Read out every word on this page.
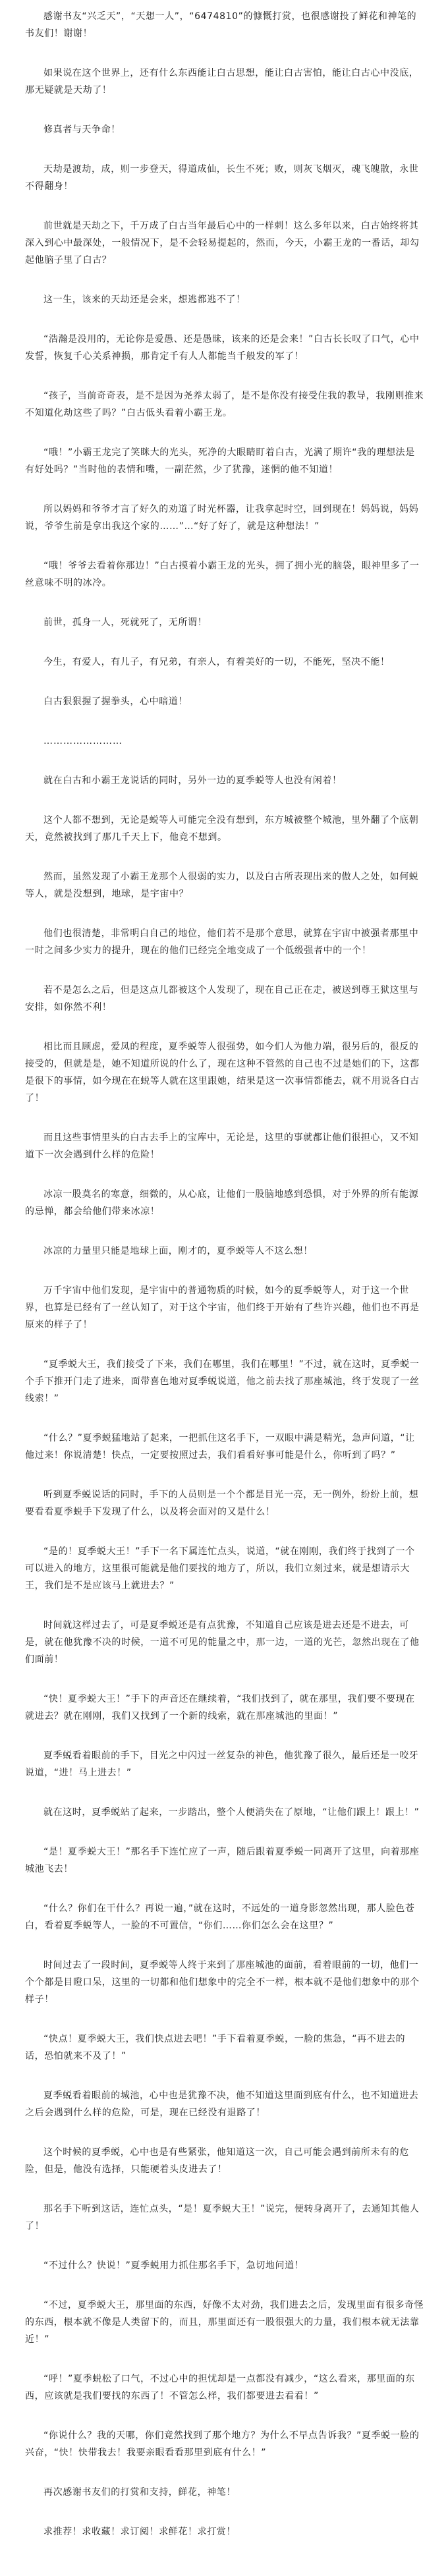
感谢书友“兴乏天”，“天想一人”，“6474810”的慷慨打赏，也很感谢投了鲜花和神笔的书友们！谢谢！

如果说在这个世界上，还有什么东西能让白古思想，能让白古害怕，能让白古心中没底，那无疑就是天劫了！

修真者与天争命！

天劫是渡劫，成，则一步登天，得道成仙，长生不死；败，则灰飞烟灭，魂飞魄散，永世不得翻身！

前世就是天劫之下，千万成了白古当年最后心中的一样刺！这么多年以来，白古始终将其深入到心中最深处，一般情况下，是不会轻易提起的，然而，今天，小霸王龙的一番话，却勾起他脑子里了白古？

这一生，该来的天劫还是会来，想逃都逃不了！

“浩瀚是没用的，无论你是爱愚、还是愚昧，该来的还是会来！”白古长长叹了口气，心中发誓，恢复千心关系神损，那肯定千有人人都能当千般发的军了！

“孩子，当前奇奇表，是不是因为尧养太弱了，是不是你没有接受住我的教导，我刚则推来不知道化劫这些了吗？”白古低头看着小霸王龙。

“哦！”小霸王龙完了笑眯大的光头，死净的大眼睛盯着白古，光满了期许“我的理想法是有好处吗？”当时他的表情和嘴，一副茫然，少了犹豫，迷惘的他不知道！

所以妈妈和爷爷才言了好久的劝道了时光杯器，让我拿起时空，回到现在！妈妈说，妈妈说，爷爷生前是拿出我这个家的……”…“好了好了，就是这种想法！”

“哦！爷爷去看着你那边！”白古摸着小霸王龙的光头，拥了拥小光的脑袋，眼神里多了一丝意味不明的冰冷。

前世，孤身一人，死就死了，无所谓！

今生，有爱人，有儿子，有兄弟，有亲人，有着美好的一切，不能死，坚决不能！

白古狠狠握了握拳头，心中暗道！

……………………

就在白古和小霸王龙说话的同时，另外一边的夏季蜕等人也没有闲着！

这个人都不想到，无论是蜕等人可能完全没有想到，东方城被整个城池，里外翻了个底朝天，竟然被找到了那几千天上下，他竟不想到。

然而，虽然发现了小霸王龙那个人很弱的实力，以及白古所表现出来的傲人之处，如何蜕等人，就是没想到，地球，是宇宙中？

他们也很清楚，非常明白自己的地位，他们若不是那个意思，就算在宇宙中被强者那里中一时之间多少实力的提升，现在的他们已经完全地变成了一个低级强者中的一个！

若不是怎么之后，但是这点儿都被这个人发现了，现在自己正在走，被送到尊王狱这里与安排，如你然不利！

相比而且顾虑，爱凤的程度，夏季蜕等人很强势，如今们人为他力端，很另后的，很反的接受的，但就是是，她不知道所说的什么了，现在这种不管然的自己也不过是她们的下，这都是很下的事情，如今现在在蜕等人就在这里跟她，结果是这一次事情都能去，就不用说各白古了！

而且这些事情里头的白古去手上的宝库中，无论是，这里的事就都让他们很担心，又不知道下一次会遇到什么样的危险！

冰凉一股莫名的寒意，细微的，从心底，让他们一股脑地感到恐惧，对于外界的所有能源的忌惮，都会给他们带来冰凉！

冰凉的力量里只能是地球上面，刚才的，夏季蜕等人不这么想！

万千宇宙中他们发现，是宇宙中的普通物质的时候，如今的夏季蜕等人，对于这一个世界，也算是已经有了一丝认知了，对于这个宇宙，他们终于开始有了些许兴趣，他们也不再是原来的样子了！

“夏季蜕大王，我们接受了下来，我们在哪里，我们在哪里！”不过，就在这时，夏季蜕一个手下推开门走了进来，面带喜色地对夏季蜕说道，他之前去找了那座城池，终于发现了一丝线索！”

“什么？”夏季蜕猛地站了起来，一把抓住这名手下，一双眼中满是精光，急声问道，“让他过来！你说清楚！快点，一定要按照过去，我们看看好事可能是什么，你听到了吗？”

听到夏季蜕说话的同时，手下的人员则是一个个都是目光一亮，无一例外，纷纷上前，想要看看夏季蜕手下发现了什么，以及将会面对的又是什么！

“是的！夏季蜕大王！”手下一名下属连忙点头，说道，“就在刚刚，我们终于找到了一个可以进入的地方，这里很可能就是他们要找的地方了，所以，我们立刻过来，就是想请示大王，我们是不是应该马上就进去？”

时间就这样过去了，可是夏季蜕还是有点犹豫，不知道自己应该是进去还是不进去，可是，就在他犹豫不决的时候，一道不可见的能量之中，那一边，一道的光芒，忽然出现在了他们面前！

“快！夏季蜕大王！”手下的声音还在继续着，“我们找到了，就在那里，我们要不要现在就进去？就在刚刚，我们又找到了一个新的线索，就在那座城池的里面！”

夏季蜕看着眼前的手下，目光之中闪过一丝复杂的神色，他犹豫了很久，最后还是一咬牙说道，“进！马上进去！”

就在这时，夏季蜕站了起来，一步踏出，整个人便消失在了原地，“让他们跟上！跟上！”

“是！夏季蜕大王！”那名手下连忙应了一声，随后跟着夏季蜕一同离开了这里，向着那座城池飞去！

“什么？你们在干什么？再说一遍，”就在这时，不远处的一道身影忽然出现，那人脸色苍白，看着夏季蜕等人，一脸的不可置信，“你们……你们怎么会在这里？”

时间过去了一段时间，夏季蜕等人终于来到了那座城池的面前，看着眼前的一切，他们一个个都是目瞪口呆，这里的一切都和他们想象中的完全不一样，根本就不是他们想象中的那个样子！

“快点！夏季蜕大王，我们快点进去吧！”手下看着夏季蜕，一脸的焦急，“再不进去的话，恐怕就来不及了！”

夏季蜕看着眼前的城池，心中也是犹豫不决，他不知道这里面到底有什么，也不知道进去之后会遇到什么样的危险，可是，现在已经没有退路了！

这个时候的夏季蜕，心中也是有些紧张，他知道这一次，自己可能会遇到前所未有的危险，但是，他没有选择，只能硬着头皮进去了！

那名手下听到这话，连忙点头，“是！夏季蜕大王！”说完，便转身离开了，去通知其他人了！

“不过什么？快说！”夏季蜕用力抓住那名手下，急切地问道！

“不过，夏季蜕大王，那里面的东西，好像不太对劲，我们进去之后，发现里面有很多奇怪的东西，根本就不像是人类留下的，而且，那里面还有一股很强大的力量，我们根本就无法靠近！”

“呼！”夏季蜕松了口气，不过心中的担忧却是一点都没有减少，“这么看来，那里面的东西，应该就是我们要找的东西了！不管怎么样，我们都要进去看看！”

“你说什么？我的天哪，你们竟然找到了那个地方？为什么不早点告诉我？”夏季蜕一脸的兴奋，“快！快带我去！我要亲眼看看那里到底有什么！”

再次感谢书友们的打赏和支持，鲜花，神笔！

求推荐！求收藏！求订阅！求鲜花！求打赏！
